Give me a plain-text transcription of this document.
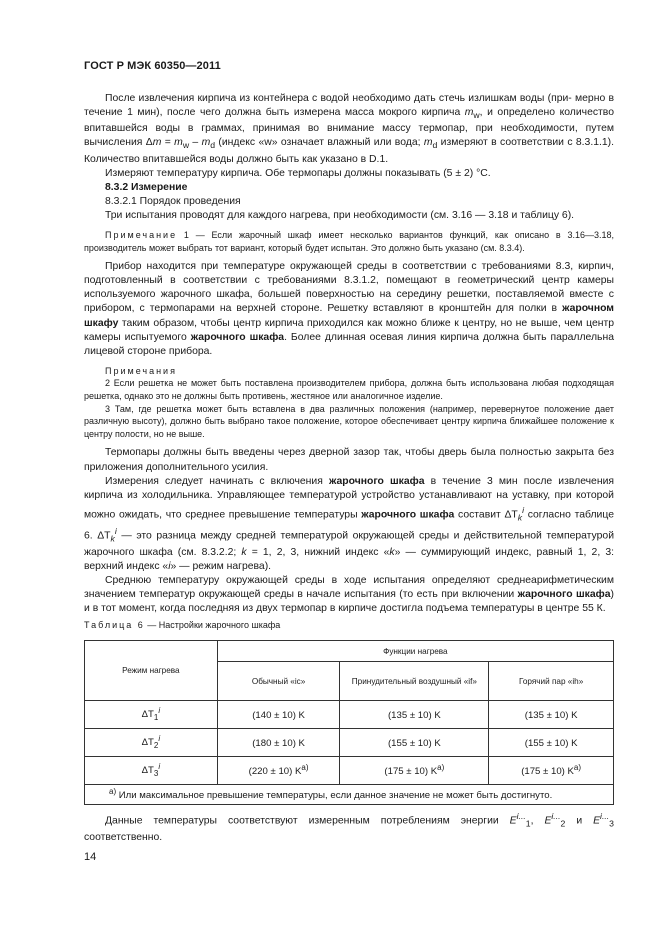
ГОСТ Р МЭК 60350—2011

После извлечения кирпича из контейнера с водой необходимо дать стечь излишкам воды (при- мерно в течение 1 мин), после чего должна быть измерена масса мокрого кирпича $m_w$, и определено количество впитавшейся воды в граммах, принимая во внимание массу термопар, при необходимости, путем вычисления $\Delta m = m_w - m_d$ (индекс «w» означает влажный или вода; $m_d$ измеряют в соответствии с 8.3.1.1). Количество впитавшейся воды должно быть как указано в D.1.

Измеряют температуру кирпича. Обе термопары должны показывать (5 ± 2) °С.

8.3.2 Измерение

8.3.2.1 Порядок проведения

Три испытания проводят для каждого нагрева, при необходимости (см. 3.16 — 3.18 и таблицу 6).

Примечание 1 — Если жарочный шкаф имеет несколько вариантов функций, как описано в 3.16—3.18, производитель может выбрать тот вариант, который будет испытан. Это должно быть указано (см. 8.3.4).

Прибор находится при температуре окружающей среды в соответствии с требованиями 8.3, кирпич, подготовленный в соответствии с требованиями 8.3.1.2, помещают в геометрический центр камеры используемого жарочного шкафа, большей поверхностью на середину решетки, поставляемой вместе с прибором, с термопарами на верхней стороне. Решетку вставляют в кронштейн для полки в жарочном шкафу таким образом, чтобы центр кирпича приходился как можно ближе к центру, но не выше, чем центр камеры испытуемого жарочного шкафа. Более длинная осевая линия кирпича должна быть параллельна лицевой стороне прибора.

Примечания

2 Если решетка не может быть поставлена производителем прибора, должна быть использована любая подходящая решетка, однако это не должны быть противень, жестяное или аналогичное изделие.

3 Там, где решетка может быть вставлена в два различных положения (например, перевернутое положение дает различную высоту), должно быть выбрано такое положение, которое обеспечивает центру кирпича ближайшее положение к центру полости, но не выше.

Термопары должны быть введены через дверной зазор так, чтобы дверь была полностью закрыта без приложения дополнительного усилия.

Измерения следует начинать с включения жарочного шкафа в течение 3 мин после извлечения кирпича из холодильника. Управляющее температурой устройство устанавливают на уставку, при которой можно ожидать, что среднее превышение температуры жарочного шкафа составит $\Delta T_k^i$ согласно таблице 6. $\Delta T_k^i$ — это разница между средней температурой окружающей среды и действительной температурой жарочного шкафа (см. 8.3.2.2; k = 1, 2, 3, нижний индекс «k» — суммирующий индекс, равный 1, 2, 3: верхний индекс «i» — режим нагрева).

Среднюю температуру окружающей среды в ходе испытания определяют среднеарифметическим значением температур окружающей среды в начале испытания (то есть при включении жарочного шкафа) и в тот момент, когда последняя из двух термопар в кирпиче достигла подъема температуры в центре 55 К.

Таблица 6 — Настройки жарочного шкафа
Режим нагрева	Функции нагрева		
	Обычный «ic»	Принудительный воздушный «if»	Горячий пар «ih»
$\Delta T_1^i$	(140 ± 10) K	(135 ± 10) K	(135 ± 10) K
$\Delta T_2^i$	(180 ± 10) K	(155 ± 10) K	(155 ± 10) K
$\Delta T_3^i$	(220 ± 10) $K^{a)}$	(175 ± 10) $K^{a)}$	(175 ± 10) $K^{a)}$
$^{a)}$ Или максимальное превышение температуры, если данное значение не может быть достигнуто.			

Данные температуры соответствуют измеренным потреблениям энергии $E^{i...}_1$, $E^{i...}_2$ и $E^{i...}_3$ соответственно.

14
